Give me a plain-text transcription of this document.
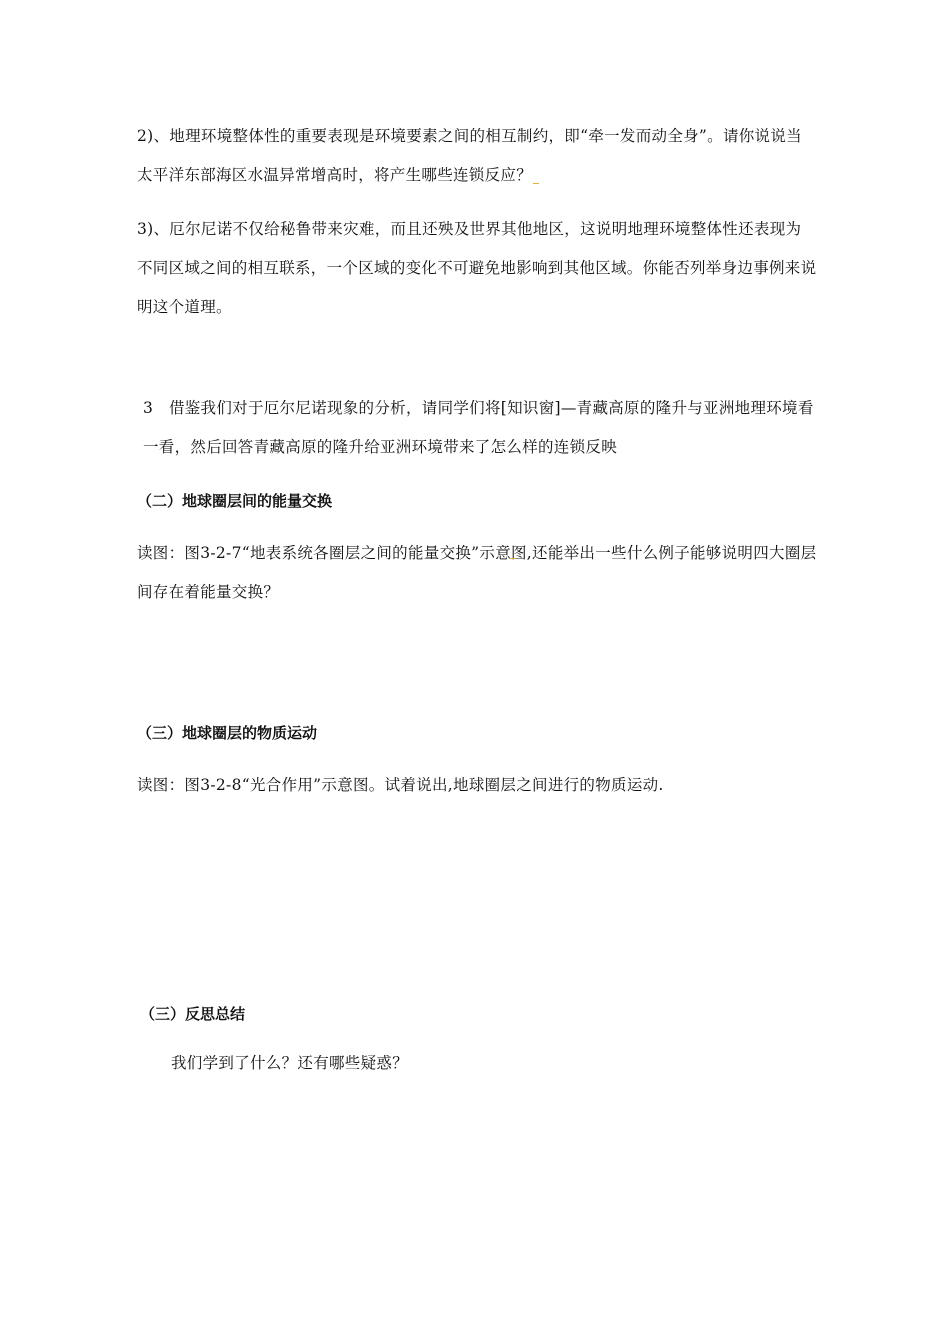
2)、地理环境整体性的重要表现是环境要素之间的相互制约，即“牵一发而动全身”。请你说说当太平洋东部海区水温异常增高时，将产生哪些连锁反应？

3)、厄尔尼诺不仅给秘鲁带来灾难，而且还殃及世界其他地区，这说明地理环境整体性还表现为不同区域之间的相互联系，一个区域的变化不可避免地影响到其他区域。你能否列举身边事例来说明这个道理。

3　借鉴我们对于厄尔尼诺现象的分析，请同学们将[知识窗]—青藏高原的隆升与亚洲地理环境看一看，然后回答青藏高原的隆升给亚洲环境带来了怎么样的连锁反映

（二）地球圈层间的能量交换

读图：图3-2-7“地表系统各圈层之间的能量交换”示意图,还能举出一些什么例子能够说明四大圈层间存在着能量交换？

（三）地球圈层的物质运动

读图：图3-2-8“光合作用”示意图。试着说出,地球圈层之间进行的物质运动.

（三）反思总结

我们学到了什么？还有哪些疑惑？
